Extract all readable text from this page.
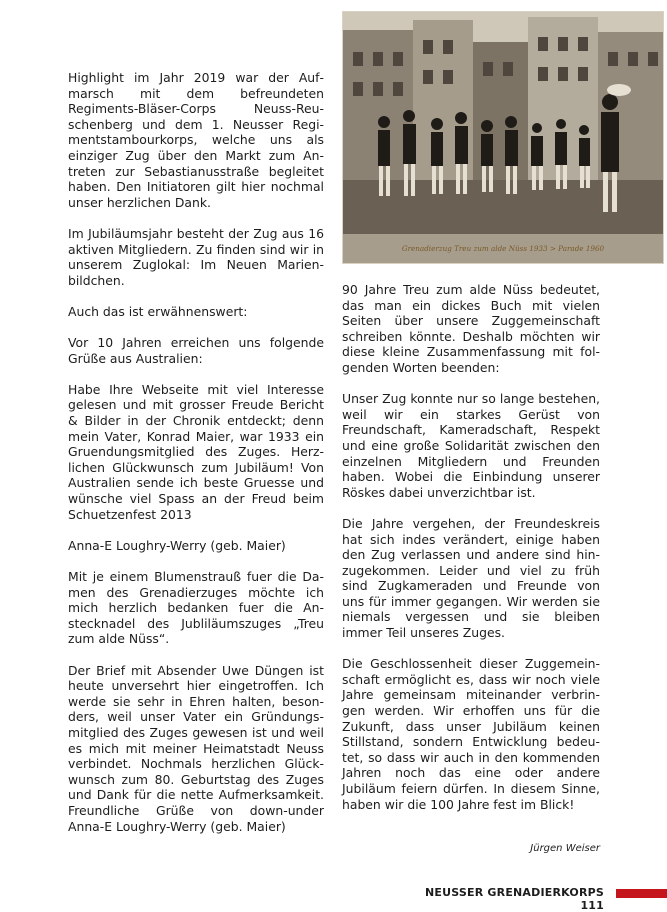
Highlight im Jahr 2019 war der Aufmarsch mit dem befreundeten Regiments-Bläser-Corps Neuss-Reuschenberg und dem 1. Neusser Regimentstambourkorps, welche uns als einziger Zug über den Markt zum Antreten zur Sebastianusstraße begleitet haben. Den Initiatoren gilt hier nochmal unser herzlichen Dank.

Im Jubiläumsjahr besteht der Zug aus 16 aktiven Mitgliedern. Zu finden sind wir in unserem Zuglokal: Im Neuen Marienbildchen.

Auch das ist erwähnenswert:

Vor 10 Jahren erreichen uns folgende Grüße aus Australien:

Habe Ihre Webseite mit viel Interesse gelesen und mit grosser Freude Bericht & Bilder in der Chronik entdeckt; denn mein Vater, Konrad Maier, war 1933 ein Gruendungsmitglied des Zuges. Herzlichen Glückwunsch zum Jubiläum! Von Australien sende ich beste Gruesse und wünsche viel Spass an der Freud beim Schuetzenfest 2013

Anna-E Loughry-Werry (geb. Maier)

Mit je einem Blumenstrauß fuer die Damen des Grenadierzuges möchte ich mich herzlich bedanken fuer die Anstecknadel des Jubliläumszuges „Treu zum alde Nüss“.

Der Brief mit Absender Uwe Düngen ist heute unversehrt hier eingetroffen. Ich werde sie sehr in Ehren halten, besonders, weil unser Vater ein Gründungsmitglied des Zuges gewesen ist und weil es mich mit meiner Heimatstadt Neuss verbindet. Nochmals herzlichen Glückwunsch zum 80. Geburtstag des Zuges und Dank für die nette Aufmerksamkeit. Freundliche Grüße von down-under Anna-E Loughry-Werry (geb. Maier)

Grenadierzug Treu zum alde Nüss 1933 > Parade 1960

90 Jahre Treu zum alde Nüss bedeutet, das man ein dickes Buch mit vielen Seiten über unsere Zuggemeinschaft schreiben könnte. Deshalb möchten wir diese kleine Zusammenfassung mit folgenden Worten beenden:

Unser Zug konnte nur so lange bestehen, weil wir ein starkes Gerüst von Freundschaft, Kameradschaft, Respekt und eine große Solidarität zwischen den einzelnen Mitgliedern und Freunden haben. Wobei die Einbindung unserer Röskes dabei unverzichtbar ist.

Die Jahre vergehen, der Freundeskreis hat sich indes verändert, einige haben den Zug verlassen und andere sind hinzugekommen. Leider und viel zu früh sind Zugkameraden und Freunde von uns für immer gegangen. Wir werden sie niemals vergessen und sie bleiben immer Teil unseres Zuges.

Die Geschlossenheit dieser Zuggemeinschaft ermöglicht es, dass wir noch viele Jahre gemeinsam miteinander verbringen werden. Wir erhoffen uns für die Zukunft, dass unser Jubiläum keinen Stillstand, sondern Entwicklung bedeutet, so dass wir auch in den kommenden Jahren noch das eine oder andere Jubiläum feiern dürfen. In diesem Sinne, haben wir die 100 Jahre fest im Blick!

Jürgen Weiser
NEUSSER GRENADIERKORPS 111
